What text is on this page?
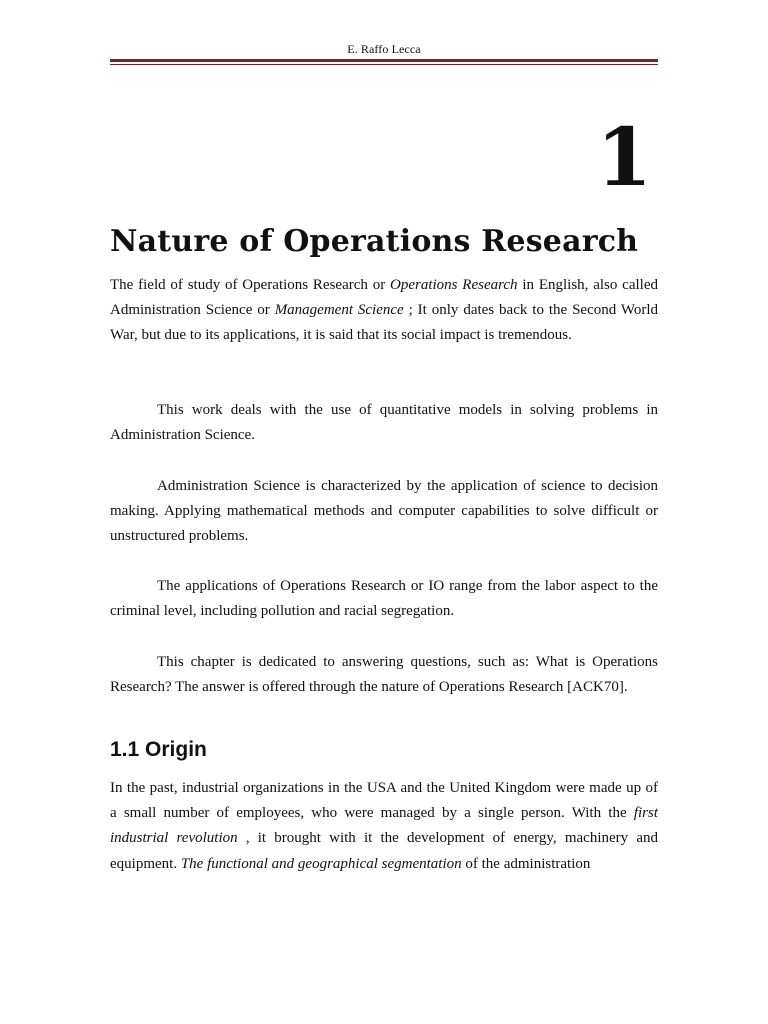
E. Raffo Lecca
1
Nature of Operations Research

The field of study of Operations Research or Operations Research in English, also called Administration Science or Management Science ; It only dates back to the Second World War, but due to its applications, it is said that its social impact is tremendous.

This work deals with the use of quantitative models in solving problems in Administration Science.

Administration Science is characterized by the application of science to decision making. Applying mathematical methods and computer capabilities to solve difficult or unstructured problems.

The applications of Operations Research or IO range from the labor aspect to the criminal level, including pollution and racial segregation.

This chapter is dedicated to answering questions, such as: What is Operations Research? The answer is offered through the nature of Operations Research [ACK70].

1.1 Origin

In the past, industrial organizations in the USA and the United Kingdom were made up of a small number of employees, who were managed by a single person. With the first industrial revolution , it brought with it the development of energy, machinery and equipment. The functional and geographical segmentation of the administration
